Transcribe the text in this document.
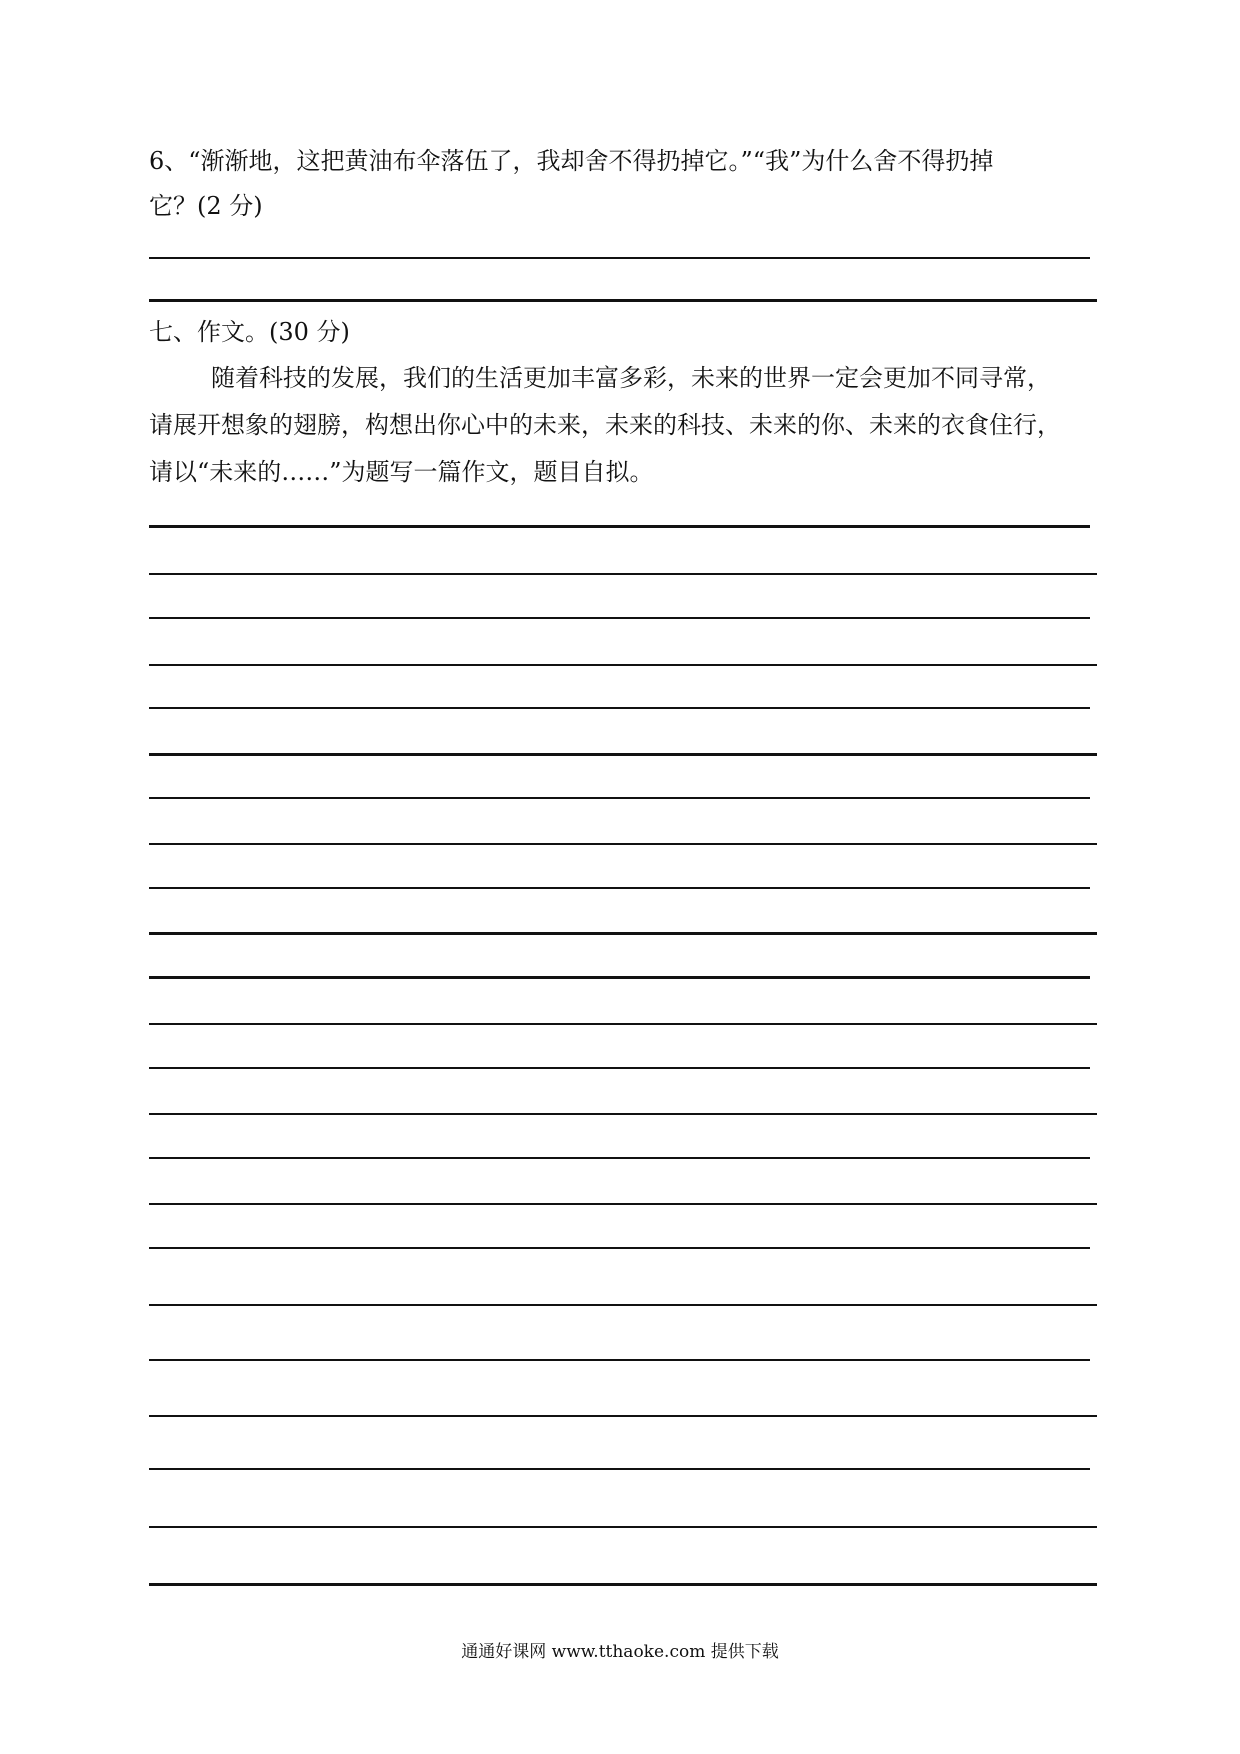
6、“渐渐地，这把黄油布伞落伍了，我却舍不得扔掉它。”“我”为什么舍不得扔掉
它？(2 分)
七、作文。(30 分)
随着科技的发展，我们的生活更加丰富多彩，未来的世界一定会更加不同寻常，
请展开想象的翅膀，构想出你心中的未来，未来的科技、未来的你、未来的衣食住行，
请以“未来的……”为题写一篇作文，题目自拟。
通通好课网 www.tthaoke.com 提供下载
